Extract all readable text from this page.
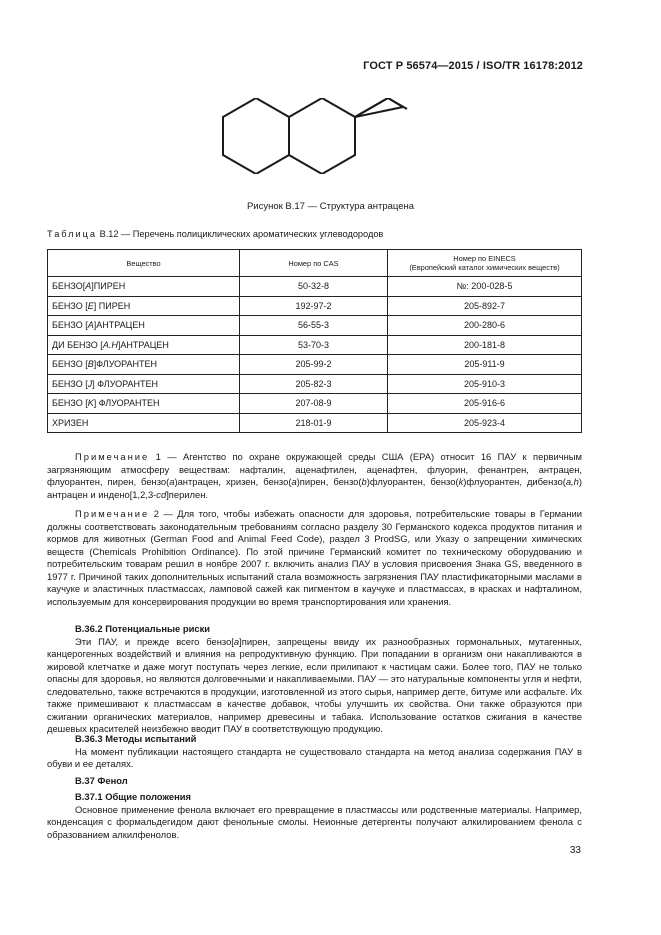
ГОСТ Р 56574—2015 / ISO/TR 16178:2012
Рисунок В.17 — Структура антрацена
Таблица В.12 — Перечень полициклических ароматических углеводородов
Вещество	Номер по CAS	Номер по EINECS
(Европейский каталог химических веществ)

БЕНЗО[A]ПИРЕН	50-32-8	№: 200-028-5
БЕНЗО [E] ПИРЕН	192-97-2	205-892-7
БЕНЗО [A]АНТРАЦЕН	56-55-3	200-280-6
ДИ БЕНЗО [A.H]АНТРАЦЕН	53-70-3	200-181-8
БЕНЗО [B]ФЛУОРАНТЕН	205-99-2	205-911-9
БЕНЗО [J] ФЛУОРАНТЕН	205-82-3	205-910-3
БЕНЗО [K] ФЛУОРАНТЕН	207-08-9	205-916-6
ХРИЗЕН	218-01-9	205-923-4

Примечание 1 — Агентство по охране окружающей среды США (ЕРА) относит 16 ПАУ к первичным загрязняющим атмосферу веществам: нафталин, аценафтилен, аценафтен, флуорин, фенантрен, антрацен, флуорантен, пирен, бензо(а)антрацен, хризен, бензо(а)пирен, бензо(b)флуорантен, бензо(k)флуорантен, дибензо(a,h) антрацен и индено[1,2,3-cd]перилен.

Примечание 2 — Для того, чтобы избежать опасности для здоровья, потребительские товары в Германии должны соответствовать законодательным требованиям согласно разделу 30 Германского кодекса продуктов питания и кормов для животных (German Food and Animal Feed Code), раздел 3 ProdSG, или Указу о запрещении химических веществ (Chemicals Prohibition Ordinance). По этой причине Германский комитет по техническому оборудованию и потребительским товарам решил в ноябре 2007 г. включить анализ ПАУ в условия присвоения Знака GS, введенного в 1977 г. Причиной таких дополнительных испытаний стала возможность загрязнения ПАУ пластификаторными маслами в каучуке и эластичных пластмассах, ламповой сажей как пигментом в каучуке и пластмассах, в красках и нафталином, используемым для консервирования продукции во время транспортирования или хранения.

В.36.2 Потенциальные риски

Эти ПАУ, и прежде всего бензо[а]пирен, запрещены ввиду их разнообразных гормональных, мутагенных, канцерогенных воздействий и влияния на репродуктивную функцию. При попадании в организм они накапливаются в жировой клетчатке и даже могут поступать через легкие, если прилипают к частицам сажи. Более того, ПАУ не только опасны для здоровья, но являются долговечными и накапливаемыми. ПАУ — это натуральные компоненты угля и нефти, следовательно, также встречаются в продукции, изготовленной из этого сырья, например дегте, битуме или асфальте. Их также примешивают к пластмассам в качестве добавок, чтобы улучшить их свойства. Они также образуются при сжигании органических материалов, например древесины и табака. Использование остатков сжигания в качестве дешевых красителей неизбежно вводит ПАУ в соответствующую продукцию.

В.36.3 Методы испытаний

На момент публикации настоящего стандарта не существовало стандарта на метод анализа содержания ПАУ в обуви и ее деталях.

В.37 Фенол

В.37.1 Общие положения

Основное применение фенола включает его превращение в пластмассы или родственные материалы. Например, конденсация с формальдегидом дают фенольные смолы. Неионные детергенты получают алкилированием фенола с образованием алкилфенолов.

33
